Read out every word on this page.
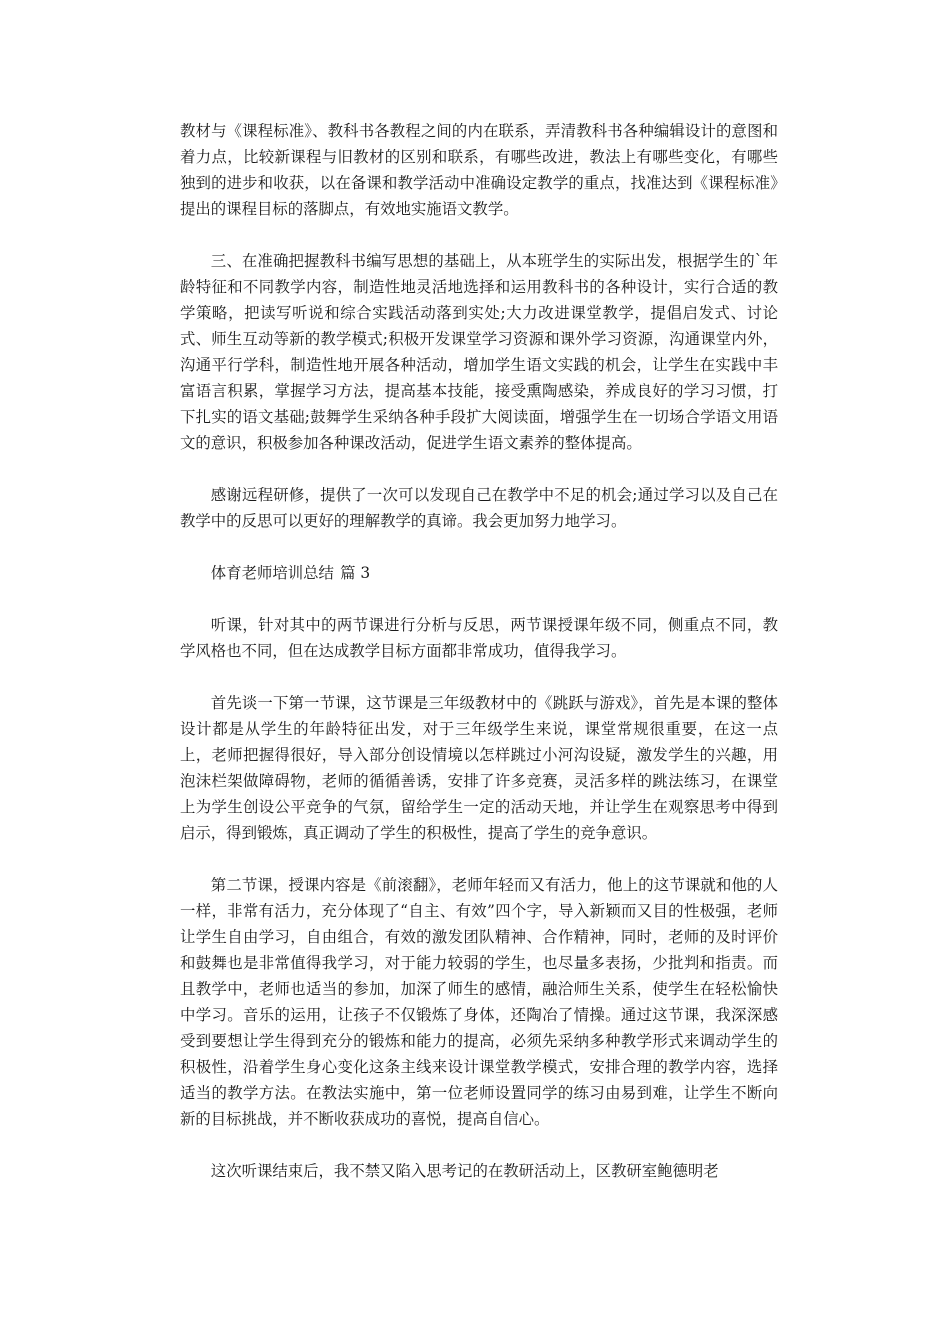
教材与《课程标准》、教科书各教程之间的内在联系，弄清教科书各种编辑设计的意图和着力点，比较新课程与旧教材的区别和联系，有哪些改进，教法上有哪些变化，有哪些独到的进步和收获，以在备课和教学活动中准确设定教学的重点，找准达到《课程标准》提出的课程目标的落脚点，有效地实施语文教学。

三、在准确把握教科书编写思想的基础上，从本班学生的实际出发，根据学生的`年龄特征和不同教学内容，制造性地灵活地选择和运用教科书的各种设计，实行合适的教学策略，把读写听说和综合实践活动落到实处;大力改进课堂教学，提倡启发式、讨论式、师生互动等新的教学模式;积极开发课堂学习资源和课外学习资源，沟通课堂内外，沟通平行学科，制造性地开展各种活动，增加学生语文实践的机会，让学生在实践中丰富语言积累，掌握学习方法，提高基本技能，接受熏陶感染，养成良好的学习习惯，打下扎实的语文基础;鼓舞学生采纳各种手段扩大阅读面，增强学生在一切场合学语文用语文的意识，积极参加各种课改活动，促进学生语文素养的整体提高。

感谢远程研修，提供了一次可以发现自己在教学中不足的机会;通过学习以及自己在教学中的反思可以更好的理解教学的真谛。我会更加努力地学习。

体育老师培训总结 篇 3

听课，针对其中的两节课进行分析与反思，两节课授课年级不同，侧重点不同，教学风格也不同，但在达成教学目标方面都非常成功，值得我学习。

首先谈一下第一节课，这节课是三年级教材中的《跳跃与游戏》，首先是本课的整体设计都是从学生的年龄特征出发，对于三年级学生来说，课堂常规很重要，在这一点上，老师把握得很好，导入部分创设情境以怎样跳过小河沟设疑，激发学生的兴趣，用泡沫栏架做障碍物，老师的循循善诱，安排了许多竞赛，灵活多样的跳法练习，在课堂上为学生创设公平竞争的气氛，留给学生一定的活动天地，并让学生在观察思考中得到启示，得到锻炼，真正调动了学生的积极性，提高了学生的竞争意识。

第二节课，授课内容是《前滚翻》，老师年轻而又有活力，他上的这节课就和他的人一样，非常有活力，充分体现了“自主、有效”四个字，导入新颖而又目的性极强，老师让学生自由学习，自由组合，有效的激发团队精神、合作精神，同时，老师的及时评价和鼓舞也是非常值得我学习，对于能力较弱的学生，也尽量多表扬，少批判和指责。而且教学中，老师也适当的参加，加深了师生的感情，融洽师生关系，使学生在轻松愉快中学习。音乐的运用，让孩子不仅锻炼了身体，还陶冶了情操。通过这节课，我深深感受到要想让学生得到充分的锻炼和能力的提高，必须先采纳多种教学形式来调动学生的积极性，沿着学生身心变化这条主线来设计课堂教学模式，安排合理的教学内容，选择适当的教学方法。在教法实施中，第一位老师设置同学的练习由易到难，让学生不断向新的目标挑战，并不断收获成功的喜悦，提高自信心。

这次听课结束后，我不禁又陷入思考记的在教研活动上，区教研室鲍德明老
